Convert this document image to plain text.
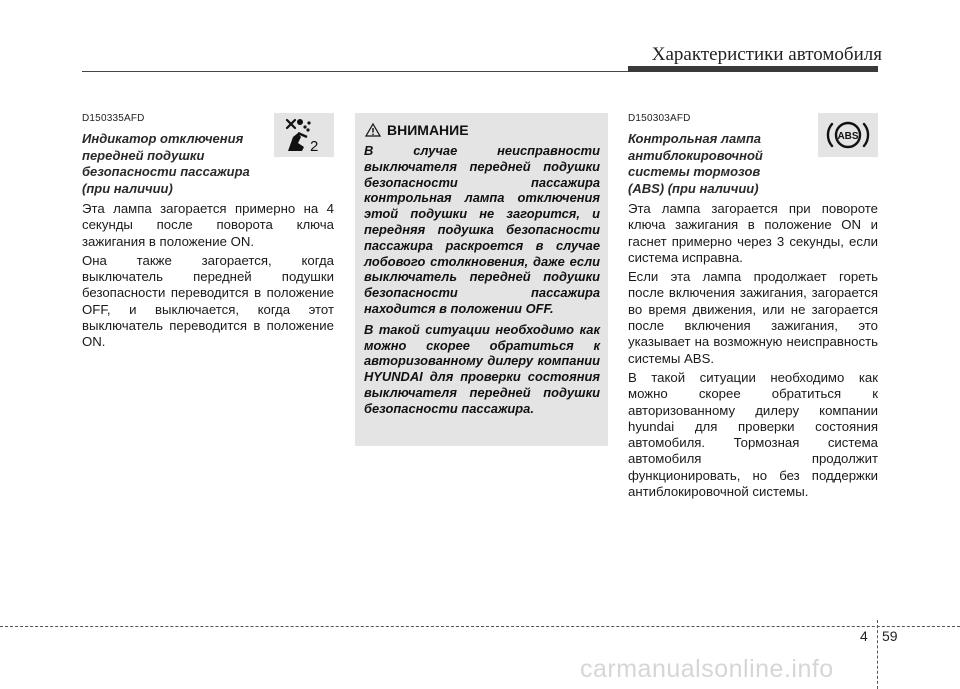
Характеристики автомобиля
D150335AFD
Индикатор отключения
передней подушки
безопасности пассажира
(при наличии)

Эта лампа загорается примерно на 4 секунды после поворота ключа зажигания в положение ON.

Она также загорается, когда выключатель передней подушки безопасности переводится в положение OFF, и выключается, когда этот выключатель переводится в положение ON.

2
ВНИМАНИЕ

В случае неисправности выключателя передней подушки безопасности пассажира контрольная лампа отключения этой подушки не загорится, и передняя подушка безопасности пассажира раскроется в случае лобового столкновения, даже если выключатель передней подушки безопасности пассажира находится в положении OFF.

В такой ситуации необходимо как можно скорее обратиться к авторизованному дилеру компании HYUNDAI для проверки состояния выключателя передней подушки безопасности пассажира.

D150303AFD
Контрольная лампа
антиблокировочной
системы тормозов
(ABS) (при наличии)

Эта лампа загорается при повороте ключа зажигания в положение ON и гаснет примерно через 3 секунды, если система исправна.

Если эта лампа продолжает гореть после включения зажигания, загорается во время движения, или не загорается после включения зажигания, это указывает на возможную неисправность системы ABS.

В такой ситуации необходимо как можно скорее обратиться к авторизованному дилеру компании hyundai для проверки состояния автомобиля. Тормозная система автомобиля продолжит функционировать, но без поддержки антиблокировочной системы.

ABS
4 59
carmanualsonline.info
